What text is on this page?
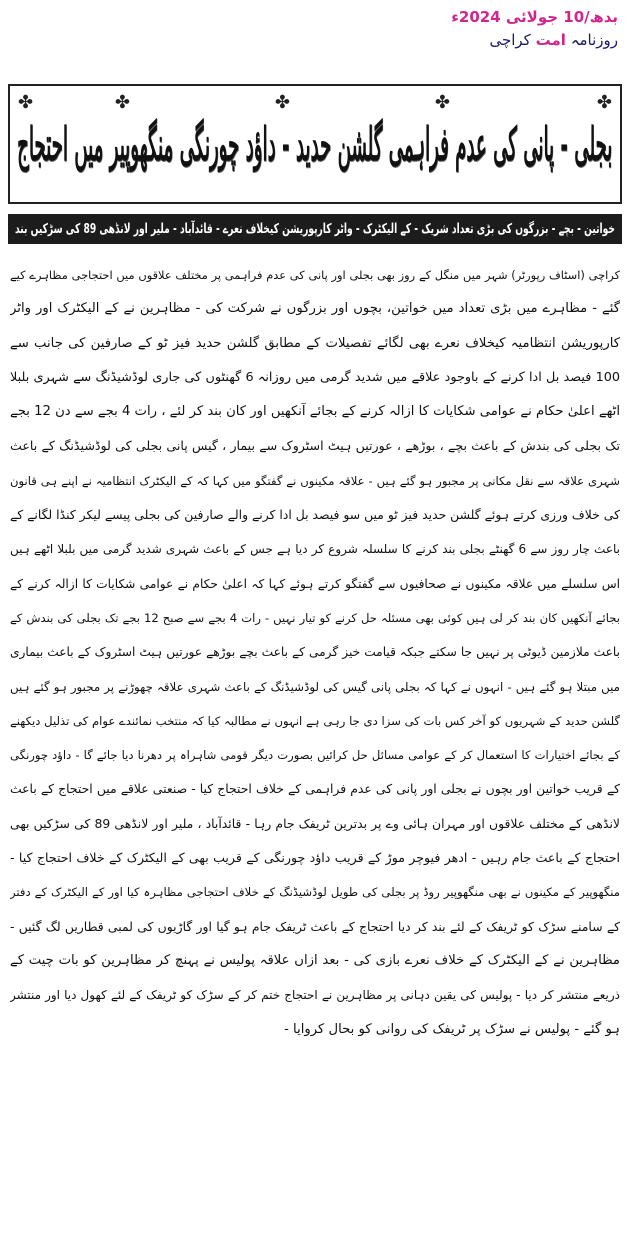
بدھ/10 جولائی 2024ء
روزنامہ امت کراچی
✤
✤
✤
✤
✤
بجلی - پانی کی عدم فراہمی گلشن حدید - داؤد چورنگی منگھوپیر میں احتجاج
خواتین - بچے - بزرگوں کی بڑی تعداد شریک - کے الیکٹرک - واٹر کارپوریشن کیخلاف نعرے - قائدآباد - ملیر اور لانڈھی 89 کی سڑکیں بند
کراچی (اسٹاف رپورٹر) شہر میں منگل کے روز بھی بجلی اور پانی کی عدم فراہمی پر مختلف علاقوں میں احتجاجی مظاہرے کیے
گئے - مظاہرے میں بڑی تعداد میں خواتین، بچوں اور بزرگوں نے شرکت کی - مظاہرین نے کے الیکٹرک اور واٹر
کارپوریشن انتظامیہ کیخلاف نعرے بھی لگائے تفصیلات کے مطابق گلشن حدید فیز ٹو کے صارفین کی جانب سے
100 فیصد بل ادا کرنے کے باوجود علاقے میں شدید گرمی میں روزانہ 6 گھنٹوں کی جاری لوڈشیڈنگ سے شہری بلبلا
اٹھے اعلیٰ حکام نے عوامی شکایات کا ازالہ کرنے کے بجائے آنکھیں اور کان بند کر لئے ، رات 4 بجے سے دن 12 بجے
تک بجلی کی بندش کے باعث بچے ، بوڑھے ، عورتیں ہیٹ اسٹروک سے بیمار ، گیس پانی بجلی کی لوڈشیڈنگ کے باعث
شہری علاقہ سے نقل مکانی پر مجبور ہو گئے ہیں - علاقہ مکینوں نے گفتگو میں کہا کہ کے الیکٹرک انتظامیہ نے اپنے ہی قانون
کی خلاف ورزی کرتے ہوئے گلشن حدید فیز ٹو میں سو فیصد بل ادا کرنے والے صارفین کی بجلی پیسے لیکر کنڈا لگانے کے
باعث چار روز سے 6 گھنٹے بجلی بند کرنے کا سلسلہ شروع کر دیا ہے جس کے باعث شہری شدید گرمی میں بلبلا اٹھے ہیں
اس سلسلے میں علاقہ مکینوں نے صحافیوں سے گفتگو کرتے ہوئے کہا کہ اعلیٰ حکام نے عوامی شکایات کا ازالہ کرنے کے
بجائے آنکھیں کان بند کر لی ہیں کوئی بھی مسئلہ حل کرنے کو تیار نہیں - رات 4 بجے سے صبح 12 بجے تک بجلی کی بندش کے
باعث ملازمین ڈیوٹی پر نہیں جا سکتے جبکہ قیامت خیز گرمی کے باعث بچے بوڑھے عورتیں ہیٹ اسٹروک کے باعث بیماری
میں مبتلا ہو گئے ہیں - انہوں نے کہا کہ بجلی پانی گیس کی لوڈشیڈنگ کے باعث شہری علاقہ چھوڑنے پر مجبور ہو گئے ہیں
گلشن حدید کے شہریوں کو آخر کس بات کی سزا دی جا رہی ہے انہوں نے مطالبہ کیا کہ منتخب نمائندے عوام کی تذلیل دیکھنے
کے بجائے اختیارات کا استعمال کر کے عوامی مسائل حل کرائیں بصورت دیگر قومی شاہراہ پر دھرنا دیا جائے گا - داؤد چورنگی
کے قریب خواتین اور بچوں نے بجلی اور پانی کی عدم فراہمی کے خلاف احتجاج کیا - صنعتی علاقے میں احتجاج کے باعث
لانڈھی کے مختلف علاقوں اور مہران ہائی وے پر بدترین ٹریفک جام رہا - قائدآباد ، ملیر اور لانڈھی 89 کی سڑکیں بھی
احتجاج کے باعث جام رہیں - ادھر فیوچر موڑ کے قریب داؤد چورنگی کے قریب بھی کے الیکٹرک کے خلاف احتجاج کیا -
منگھوپیر کے مکینوں نے بھی منگھوپیر روڈ پر بجلی کی طویل لوڈشیڈنگ کے خلاف احتجاجی مظاہرہ کیا اور کے الیکٹرک کے دفتر
کے سامنے سڑک کو ٹریفک کے لئے بند کر دیا احتجاج کے باعث ٹریفک جام ہو گیا اور گاڑیوں کی لمبی قطاریں لگ گئیں -
مظاہرین نے کے الیکٹرک کے خلاف نعرے بازی کی - بعد ازاں علاقہ پولیس نے پہنچ کر مظاہرین کو بات چیت کے
ذریعے منتشر کر دیا - پولیس کی یقین دہانی پر مظاہرین نے احتجاج ختم کر کے سڑک کو ٹریفک کے لئے کھول دیا اور منتشر
ہو گئے - پولیس نے سڑک پر ٹریفک کی روانی کو بحال کروایا -
